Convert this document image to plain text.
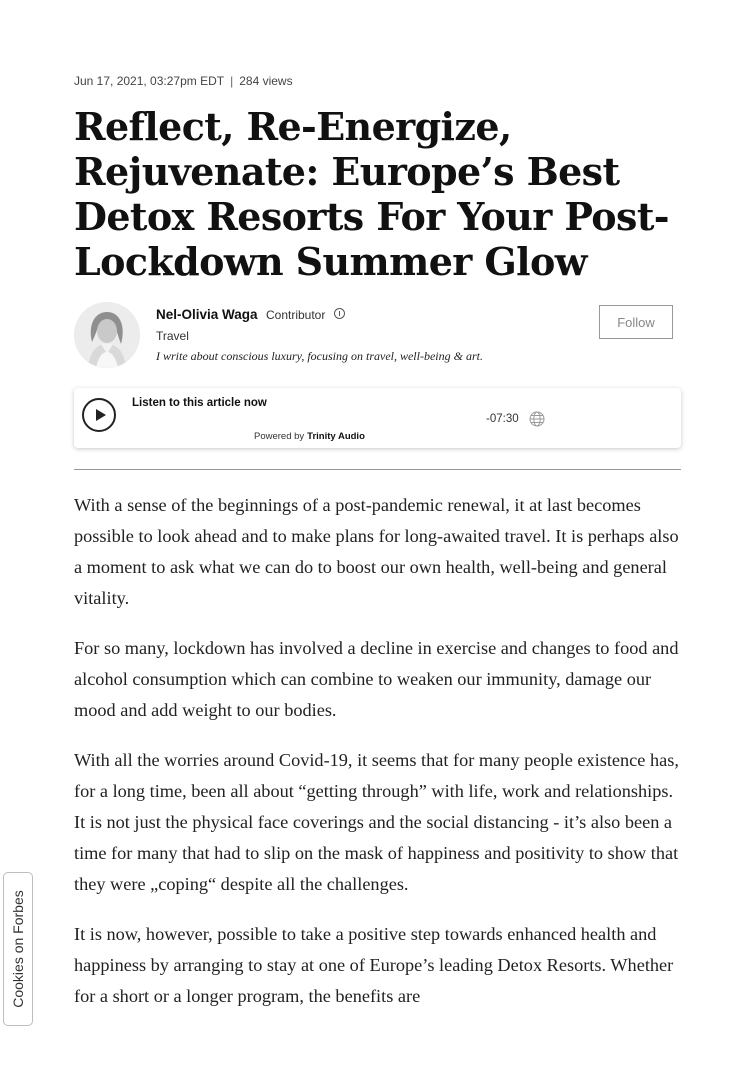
Jun 17, 2021, 03:27pm EDT | 284 views
Reflect, Re-Energize, Rejuvenate: Europe’s Best Detox Resorts For Your Post-Lockdown Summer Glow
Nel-Olivia Waga Contributor
Travel
I write about conscious luxury, focusing on travel, well-being & art.
Follow
Listen to this article now
-07:30
Powered by Trinity Audio

With a sense of the beginnings of a post-pandemic renewal, it at last becomes possible to look ahead and to make plans for long-awaited travel. It is perhaps also a moment to ask what we can do to boost our own health, well-being and general vitality.

For so many, lockdown has involved a decline in exercise and changes to food and alcohol consumption which can combine to weaken our immunity, damage our mood and add weight to our bodies.

With all the worries around Covid-19, it seems that for many people existence has, for a long time, been all about “getting through” with life, work and relationships. It is not just the physical face coverings and the social distancing - it’s also been a time for many that had to slip on the mask of happiness and positivity to show that they were „coping“ despite all the challenges.

It is now, however, possible to take a positive step towards enhanced health and happiness by arranging to stay at one of Europe’s leading Detox Resorts. Whether for a short or a longer program, the benefits are

Cookies on Forbes
